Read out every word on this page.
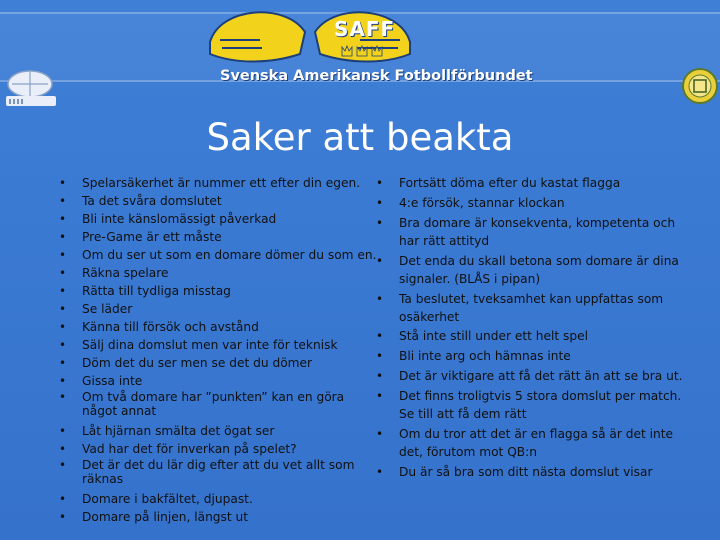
SAFF
Svenska Amerikansk Fotbollförbundet
Saker att beakta
• Spelarsäkerhet är nummer ett efter din egen.
• Ta det svåra domslutet
• Bli inte känslomässigt påverkad
• Pre-Game är ett måste
• Om du ser ut som en domare dömer du som en.
• Räkna spelare
• Rätta till tydliga misstag
• Se läder
• Känna till försök och avstånd
• Sälj dina domslut men var inte för teknisk
• Döm det du ser men se det du dömer
• Gissa inte
• Om två domare har ”punkten” kan en göra något annat
• Låt hjärnan smälta det ögat ser
• Vad har det för inverkan på spelet?
• Det är det du lär dig efter att du vet allt som räknas
• Domare i bakfältet, djupast.
• Domare på linjen, längst ut
• Fortsätt döma efter du kastat flagga
• 4:e försök, stannar klockan
• Bra domare är konsekventa, kompetenta och har rätt attityd
• Det enda du skall betona som domare är dina signaler. (BLÅS i pipan)
• Ta beslutet, tveksamhet kan uppfattas som osäkerhet
• Stå inte still under ett helt spel
• Bli inte arg och hämnas inte
• Det är viktigare att få det rätt än att se bra ut.
• Det finns troligtvis 5 stora domslut per match. Se till att få dem rätt
• Om du tror att det är en flagga så är det inte det, förutom mot QB:n
• Du är så bra som ditt nästa domslut visar
